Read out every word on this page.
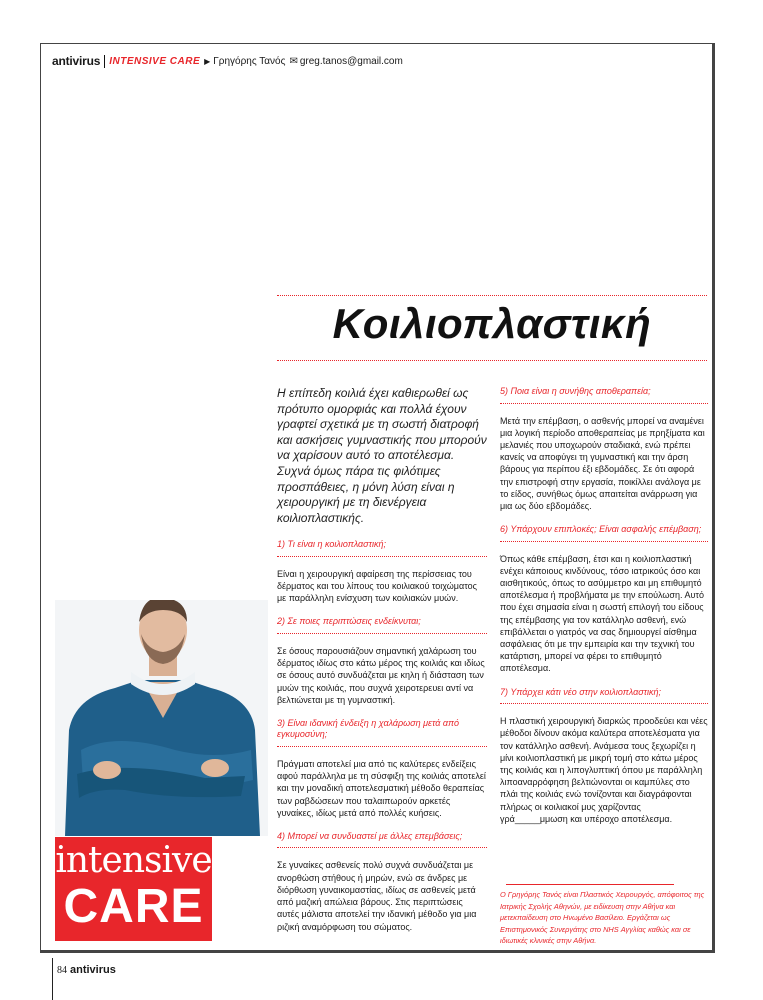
antivirus INTENSIVE CARE ▶ Γρηγόρης Τανός ✉ greg.tanos@gmail.com
Κοιλιοπλαστική

Η επίπεδη κοιλιά έχει καθιερωθεί ως πρότυπο ομορφιάς και πολλά έχουν γραφτεί σχετικά με τη σωστή διατροφή και ασκήσεις γυμναστικής που μπορούν να χαρίσουν αυτό το αποτέλεσμα. Συχνά όμως πάρα τις φιλότιμες προσπάθειες, η μόνη λύση είναι η χειρουργική με τη διενέργεια κοιλιοπλαστικής.

1) Τι είναι η κοιλιοπλαστική;

Είναι η χειρουργική αφαίρεση της περίσσειας του δέρματος και του λίπους του κοιλιακού τοιχώματος με παράλληλη ενίσχυση των κοιλιακών μυών.

2) Σε ποιες περιπτώσεις ενδείκνυται;

Σε όσους παρουσιάζουν σημαντική χαλάρωση του δέρματος ιδίως στο κάτω μέρος της κοιλιάς και ιδίως σε όσους αυτό συνδυάζεται με κηλη ή διάσταση των μυών της κοιλιάς, που συχνά χειροτερευει αντί να βελτιώνεται με τη γυμναστική.

3) Είναι ιδανική ένδειξη η χαλάρωση μετά από εγκυμοσύνη;

Πράγματι αποτελεί μια από τις καλύτερες ενδείξεις αφού παράλληλα με τη σύσφιξη της κοιλιάς αποτελεί και την μοναδική αποτελεσματική μέθοδο θεραπείας των ραβδώσεων που ταλαιπωρούν αρκετές γυναίκες, ιδίως μετά από πολλές κυήσεις.

4) Μπορεί να συνδυαστεί με άλλες επεμβάσεις;

Σε γυναίκες ασθενείς πολύ συχνά συνδυάζεται με ανορθώση στήθους ή μηρών, ενώ σε άνδρες με διόρθωση γυναικομαστίας, ιδίως σε ασθενείς μετά από μαζική απώλεια βάρους. Στις περιπτώσεις αυτές μάλιστα αποτελεί την ιδανική μέθοδο για μια ριζική αναμόρφωση του σώματος.

5) Ποια είναι η συνήθης αποθεραπεία;

Μετά την επέμβαση, ο ασθενής μπορεί να αναμένει μια λογική περίοδο αποθεραπείας με πρηξίματα και μελανιές που υποχωρούν σταδιακά, ενώ πρέπει κανείς να αποφύγει τη γυμναστική και την άρση βάρους για περίπου έξι εβδομάδες. Σε ότι αφορά την επιστροφή στην εργασία, ποικίλλει ανάλογα με το είδος, συνήθως όμως απαιτείται ανάρρωση για μια ως δύο εβδομάδες.

6) Υπάρχουν επιπλοκές; Είναι ασφαλής επέμβαση;

Όπως κάθε επέμβαση, έτσι και η κοιλιοπλαστική ενέχει κάποιους κινδύνους, τόσο ιατρικούς όσο και αισθητικούς, όπως το ασύμμετρο και μη επιθυμητό αποτέλεσμα ή προβλήματα με την επούλωση. Αυτό που έχει σημασία είναι η σωστή επιλογή του είδους της επέμβασης για τον κατάλληλο ασθενή, ενώ επιβάλλεται ο γιατρός να σας δημιουργεί αίσθημα ασφάλειας ότι με την εμπειρία και την τεχνική του κατάρτιση, μπορεί να φέρει το επιθυμητό αποτέλεσμα.

7) Υπάρχει κάτι νέο στην κοιλιοπλαστική;

Η πλαστική χειρουργική διαρκώς προοδεύει και νέες μέθοδοι δίνουν ακόμα καλύτερα αποτελέσματα για τον κατάλληλο ασθενή. Ανάμεσα τους ξεχωρίζει η μίνι κοιλιοπλαστική με μικρή τομή στο κάτω μέρος της κοιλιάς και η λιπογλυπτική όπου με παράλληλη λιποαναρρόφηση βελτιώνονται οι καμπύλες στο πλάι της κοιλιάς ενώ τονίζονται και διαγράφονται πλήρως οι κοιλιακοί μυς χαρίζοντας γρά_____μμωση και υπέροχο αποτέλεσμα.

Ο Γρηγόρης Τανός είναι Πλαστικός Χειρουργός, απόφοιτος της Ιατρικής Σχολής Αθηνών, με ειδίκευση στην Αθήνα και μετεκπαίδευση στο Ηνωμένο Βασίλειο. Εργάζεται ως Επιστημονικός Συνεργάτης στο NHS Αγγλίας καθώς και σε ιδιωτικές κλινικές στην Αθήνα.
intensive
CARE
84 antivirus
